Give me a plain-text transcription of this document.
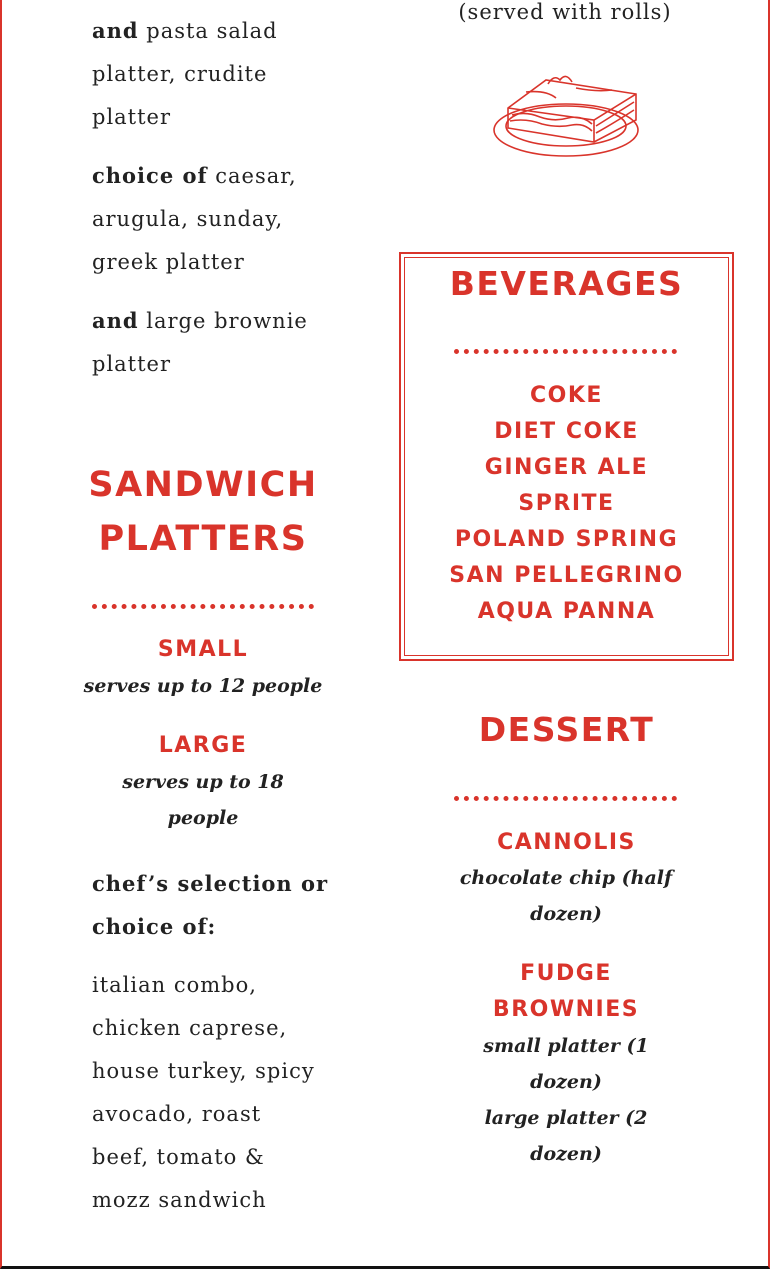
and pasta salad platter, crudite platter
choice of caesar, arugula, sunday, greek platter
and large brownie platter
SANDWICH PLATTERS
SMALL
serves up to 12 people
LARGE
serves up to 18 people
chef’s selection or choice of:
italian combo, chicken caprese, house turkey, spicy avocado, roast beef, tomato & mozz sandwich
(served with rolls)
BEVERAGES
COKE
DIET COKE
GINGER ALE
SPRITE
POLAND SPRING
SAN PELLEGRINO
AQUA PANNA
DESSERT
CANNOLIS
chocolate chip (half dozen)
FUDGE BROWNIES
small platter (1 dozen)
large platter (2 dozen)
